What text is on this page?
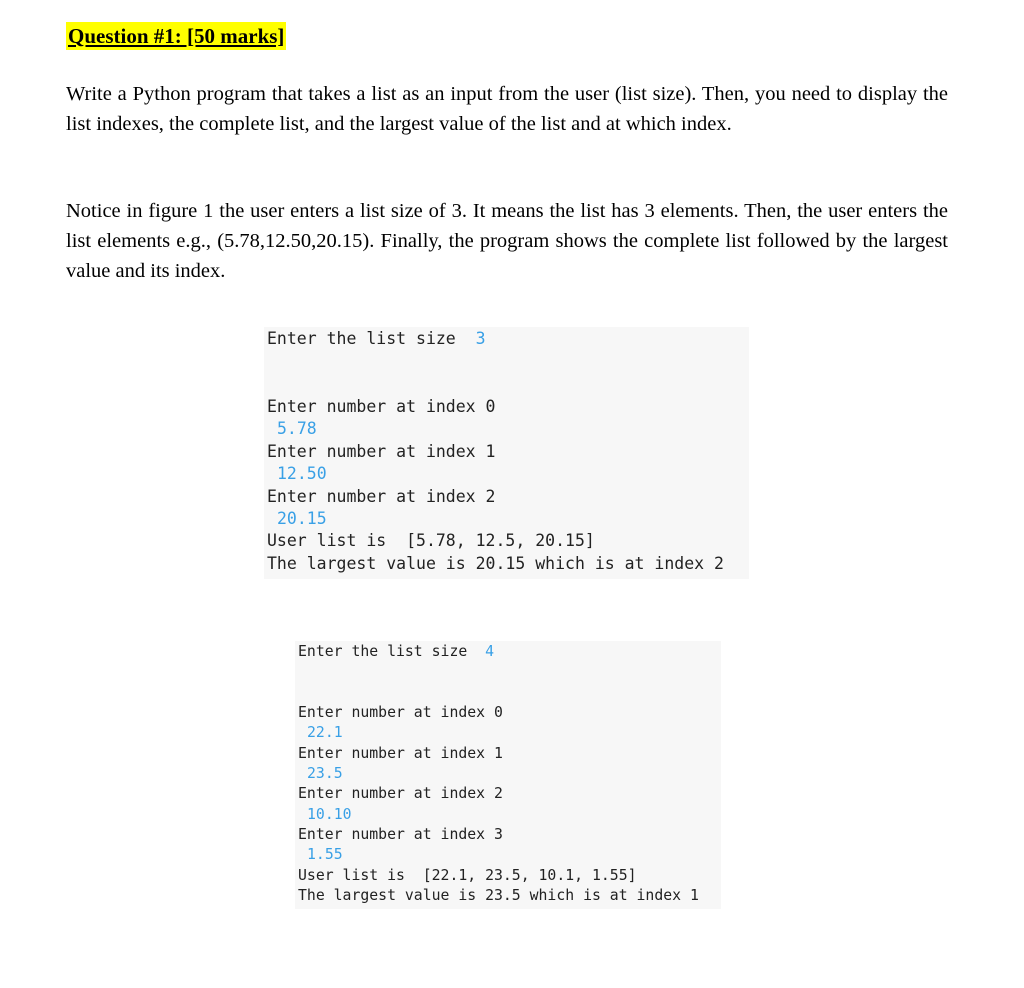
Question #1: [50 marks]
Write a Python program that takes a list as an input from the user (list size). Then, you need to display the list indexes, the complete list, and the largest value of the list and at which index.
Notice in figure 1 the user enters a list size of 3. It means the list has 3 elements. Then, the user enters the list elements e.g., (5.78,12.50,20.15). Finally, the program shows the complete list followed by the largest value and its index.

Enter the list size 3

Enter number at index 0

5.78

Enter number at index 1

12.50

Enter number at index 2

20.15

User list is  [5.78, 12.5, 20.15]

The largest value is 20.15 which is at index 2

Enter the list size 4

Enter number at index 0

22.1

Enter number at index 1

23.5

Enter number at index 2

10.10

Enter number at index 3

1.55

User list is  [22.1, 23.5, 10.1, 1.55]

The largest value is 23.5 which is at index 1
